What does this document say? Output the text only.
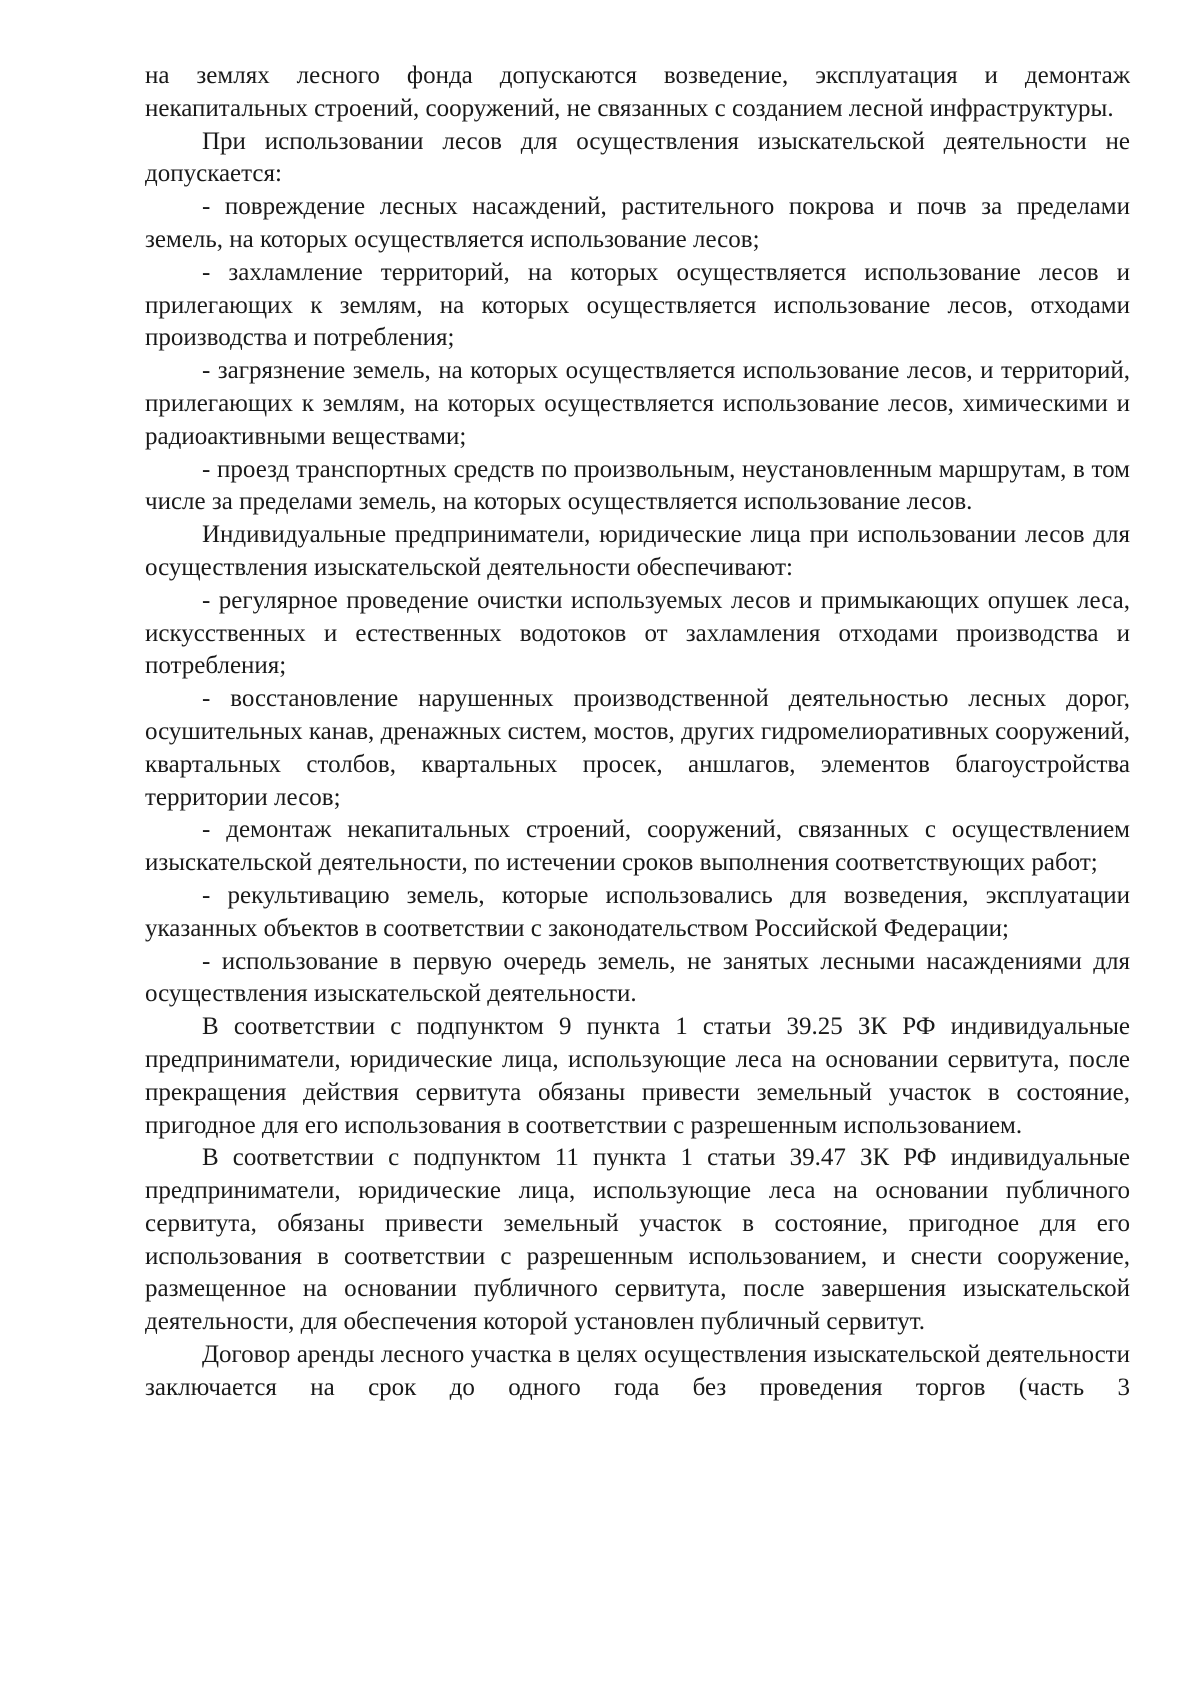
на землях лесного фонда допускаются возведение, эксплуатация и демонтаж некапитальных строений, сооружений, не связанных с созданием лесной инфраструктуры.

При использовании лесов для осуществления изыскательской деятельности не допускается:

- повреждение лесных насаждений, растительного покрова и почв за пределами земель, на которых осуществляется использование лесов;

- захламление территорий, на которых осуществляется использование лесов и прилегающих к землям, на которых осуществляется использование лесов, отходами производства и потребления;

- загрязнение земель, на которых осуществляется использование лесов, и территорий, прилегающих к землям, на которых осуществляется использование лесов, химическими и радиоактивными веществами;

- проезд транспортных средств по произвольным, неустановленным маршрутам, в том числе за пределами земель, на которых осуществляется использование лесов.

Индивидуальные предприниматели, юридические лица при использовании лесов для осуществления изыскательской деятельности обеспечивают:

- регулярное проведение очистки используемых лесов и примыкающих опушек леса, искусственных и естественных водотоков от захламления отходами производства и потребления;

- восстановление нарушенных производственной деятельностью лесных дорог, осушительных канав, дренажных систем, мостов, других гидромелиоративных сооружений, квартальных столбов, квартальных просек, аншлагов, элементов благоустройства территории лесов;

- демонтаж некапитальных строений, сооружений, связанных с осуществлением изыскательской деятельности, по истечении сроков выполнения соответствующих работ;

- рекультивацию земель, которые использовались для возведения, эксплуатации указанных объектов в соответствии с законодательством Российской Федерации;

- использование в первую очередь земель, не занятых лесными насаждениями для осуществления изыскательской деятельности.

В соответствии с подпунктом 9 пункта 1 статьи 39.25 ЗК РФ индивидуальные предприниматели, юридические лица, использующие леса на основании сервитута, после прекращения действия сервитута обязаны привести земельный участок в состояние, пригодное для его использования в соответствии с разрешенным использованием.

В соответствии с подпунктом 11 пункта 1 статьи 39.47 ЗК РФ индивидуальные предприниматели, юридические лица, использующие леса на основании публичного сервитута, обязаны привести земельный участок в состояние, пригодное для его использования в соответствии с разрешенным использованием, и снести сооружение, размещенное на основании публичного сервитута, после завершения изыскательской деятельности, для обеспечения которой установлен публичный сервитут.

Договор аренды лесного участка в целях осуществления изыскательской деятельности заключается на срок до одного года без проведения торгов (часть 3
